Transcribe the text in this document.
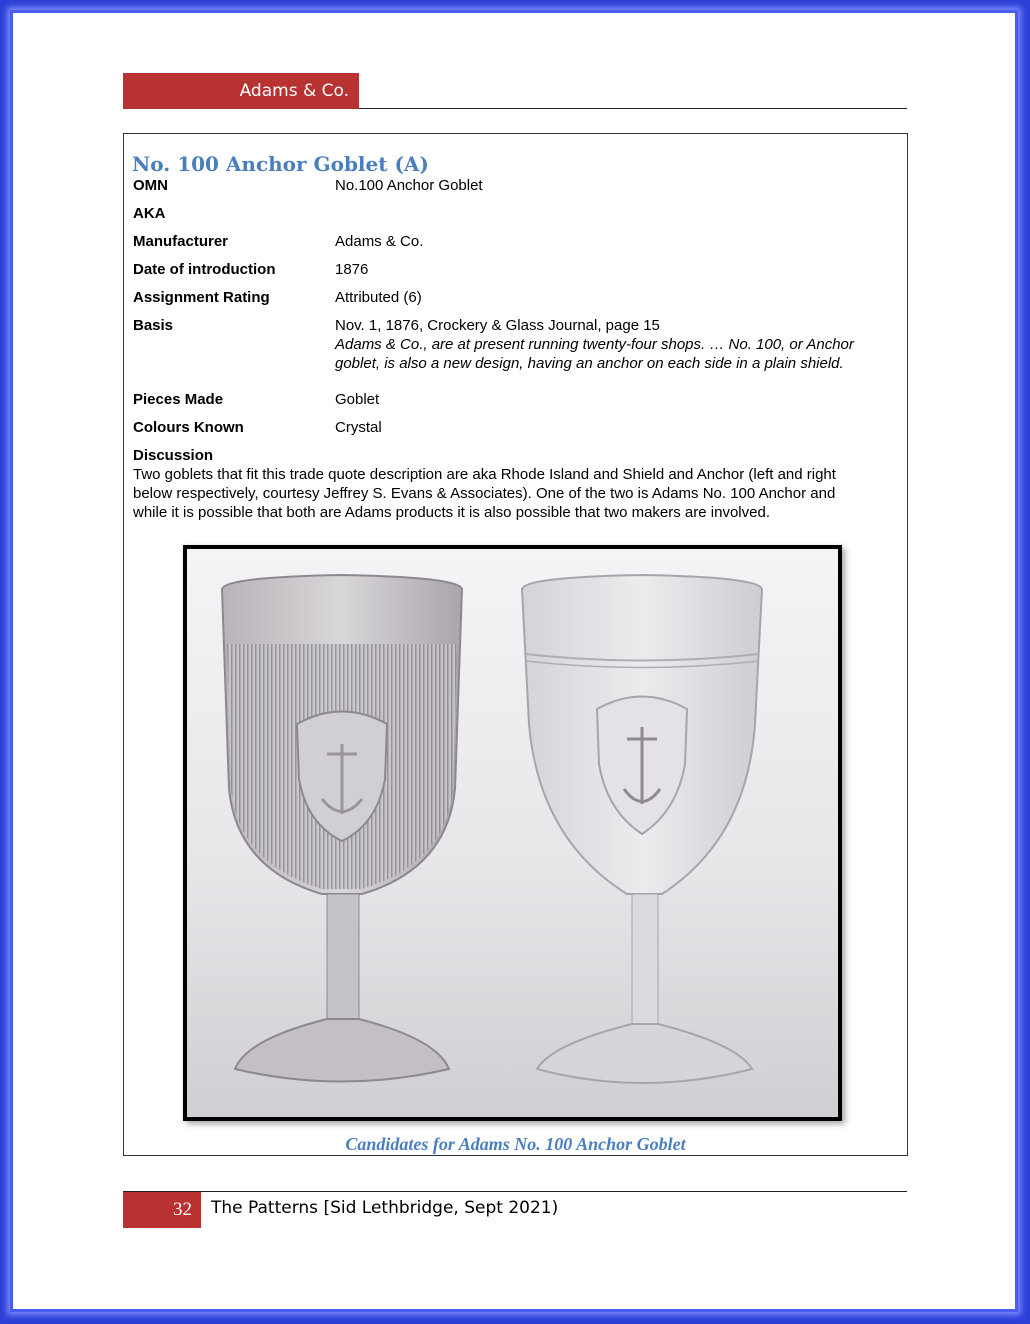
Adams & Co.
No. 100 Anchor Goblet (A)
OMN	No.100 Anchor Goblet
AKA
Manufacturer	Adams & Co.
Date of introduction	1876
Assignment Rating	Attributed (6)
Basis	Nov. 1, 1876, Crockery & Glass Journal, page 15
Adams & Co., are at present running twenty-four shops. … No. 100, or Anchor goblet, is also a new design, having an anchor on each side in a plain shield.
Pieces Made	Goblet
Colours Known	Crystal
Discussion
Two goblets that fit this trade quote description are aka Rhode Island and Shield and Anchor (left and right below respectively, courtesy Jeffrey S. Evans & Associates). One of the two is Adams No. 100 Anchor and while it is possible that both are Adams products it is also possible that two makers are involved.
Candidates for Adams No. 100 Anchor Goblet
32 The Patterns [Sid Lethbridge, Sept 2021)
